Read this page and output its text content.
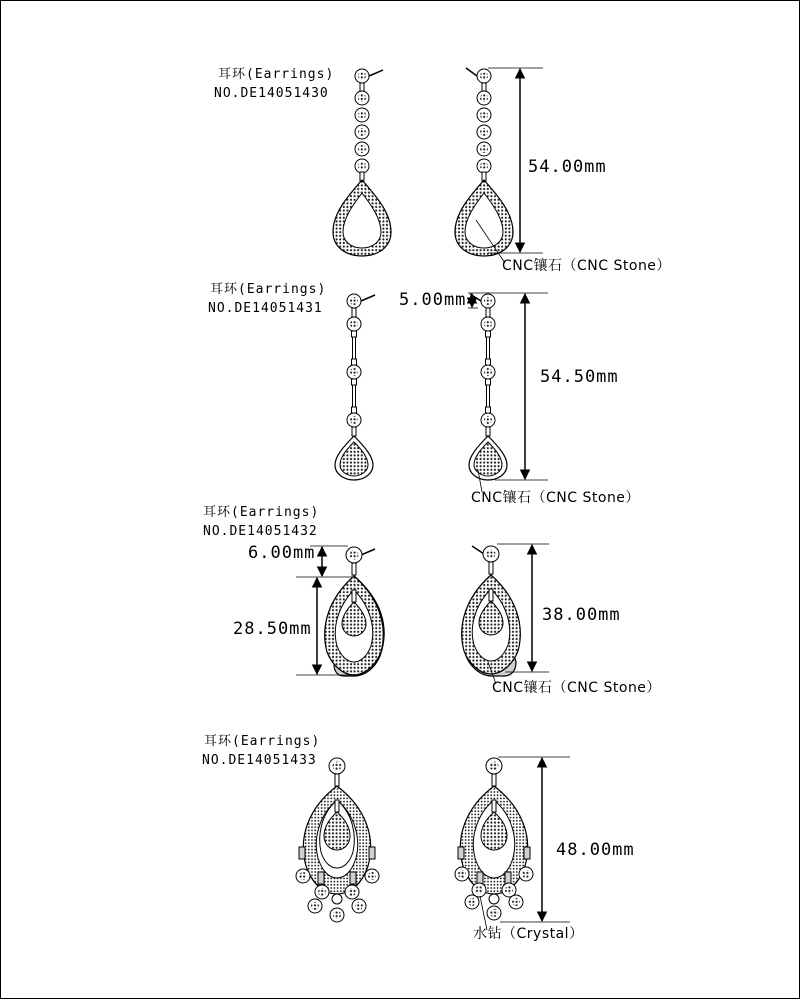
耳环(Earrings)
NO.DE14051430
54.00mm
CNC镶石（CNC Stone）
耳环(Earrings)
NO.DE14051431	5.00mm
54.50mm
CNC镶石（CNC Stone）
耳环(Earrings)
NO.DE14051432
6.00mm
28.50mm
38.00mm
CNC镶石（CNC Stone）
耳环(Earrings)
NO.DE14051433
48.00mm
水钻（Crystal）
